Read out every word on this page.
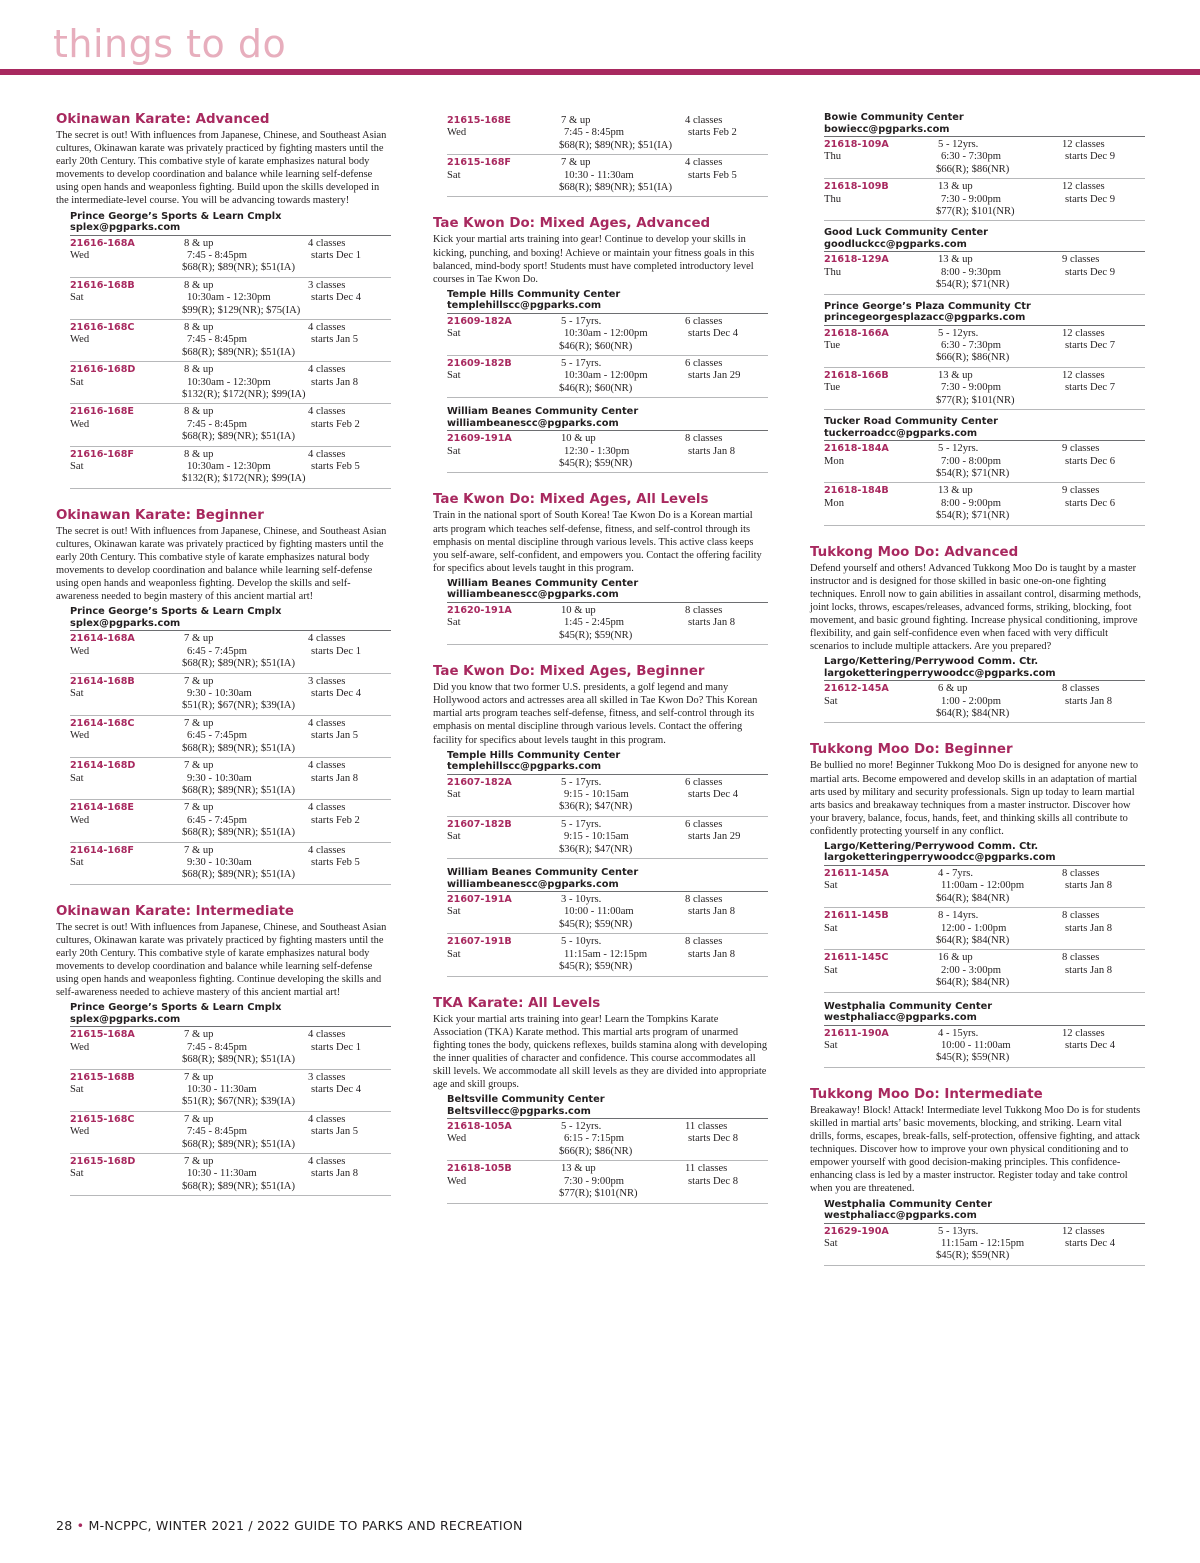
things to do
Okinawan Karate: Advanced

The secret is out! With influences from Japanese, Chinese, and Southeast Asian cultures, Okinawan karate was privately practiced by fighting masters until the early 20th Century. This combative style of karate emphasizes natural body movements to develop coordination and balance while learning self-defense using open hands and weaponless fighting. Build upon the skills developed in the intermediate-level course. You will be advancing towards mastery!

Prince George’s Sports & Learn Cmplx
splex@pgparks.com
21616-168A	8 & up	4 classes
Wed	7:45 - 8:45pm	starts Dec 1
$68(R); $89(NR); $51(IA)
21616-168B	8 & up	3 classes
Sat	10:30am - 12:30pm	starts Dec 4
$99(R); $129(NR); $75(IA)
21616-168C	8 & up	4 classes
Wed	7:45 - 8:45pm	starts Jan 5
$68(R); $89(NR); $51(IA)
21616-168D	8 & up	4 classes
Sat	10:30am - 12:30pm	starts Jan 8
$132(R); $172(NR); $99(IA)
21616-168E	8 & up	4 classes
Wed	7:45 - 8:45pm	starts Feb 2
$68(R); $89(NR); $51(IA)
21616-168F	8 & up	4 classes
Sat	10:30am - 12:30pm	starts Feb 5
$132(R); $172(NR); $99(IA)
Okinawan Karate: Beginner

The secret is out! With influences from Japanese, Chinese, and Southeast Asian cultures, Okinawan karate was privately practiced by fighting masters until the early 20th Century. This combative style of karate emphasizes natural body movements to develop coordination and balance while learning self-defense using open hands and weaponless fighting. Develop the skills and self-awareness needed to begin mastery of this ancient martial art!

Prince George’s Sports & Learn Cmplx
splex@pgparks.com
21614-168A	7 & up	4 classes
Wed	6:45 - 7:45pm	starts Dec 1
$68(R); $89(NR); $51(IA)
21614-168B	7 & up	3 classes
Sat	9:30 - 10:30am	starts Dec 4
$51(R); $67(NR); $39(IA)
21614-168C	7 & up	4 classes
Wed	6:45 - 7:45pm	starts Jan 5
$68(R); $89(NR); $51(IA)
21614-168D	7 & up	4 classes
Sat	9:30 - 10:30am	starts Jan 8
$68(R); $89(NR); $51(IA)
21614-168E	7 & up	4 classes
Wed	6:45 - 7:45pm	starts Feb 2
$68(R); $89(NR); $51(IA)
21614-168F	7 & up	4 classes
Sat	9:30 - 10:30am	starts Feb 5
$68(R); $89(NR); $51(IA)
Okinawan Karate: Intermediate

The secret is out! With influences from Japanese, Chinese, and Southeast Asian cultures, Okinawan karate was privately practiced by fighting masters until the early 20th Century. This combative style of karate emphasizes natural body movements to develop coordination and balance while learning self-defense using open hands and weaponless fighting. Continue developing the skills and self-awareness needed to achieve mastery of this ancient martial art!

Prince George’s Sports & Learn Cmplx
splex@pgparks.com
21615-168A	7 & up	4 classes
Wed	7:45 - 8:45pm	starts Dec 1
$68(R); $89(NR); $51(IA)
21615-168B	7 & up	3 classes
Sat	10:30 - 11:30am	starts Dec 4
$51(R); $67(NR); $39(IA)
21615-168C	7 & up	4 classes
Wed	7:45 - 8:45pm	starts Jan 5
$68(R); $89(NR); $51(IA)
21615-168D	7 & up	4 classes
Sat	10:30 - 11:30am	starts Jan 8
$68(R); $89(NR); $51(IA)
21615-168E	7 & up	4 classes
Wed	7:45 - 8:45pm	starts Feb 2
$68(R); $89(NR); $51(IA)
21615-168F	7 & up	4 classes
Sat	10:30 - 11:30am	starts Feb 5
$68(R); $89(NR); $51(IA)
Tae Kwon Do: Mixed Ages, Advanced

Kick your martial arts training into gear! Continue to develop your skills in kicking, punching, and boxing! Achieve or maintain your fitness goals in this balanced, mind-body sport! Students must have completed introductory level courses in Tae Kwon Do.

Temple Hills Community Center
templehillscc@pgparks.com
21609-182A	5 - 17yrs.	6 classes
Sat	10:30am - 12:00pm	starts Dec 4
$46(R); $60(NR)
21609-182B	5 - 17yrs.	6 classes
Sat	10:30am - 12:00pm	starts Jan 29
$46(R); $60(NR)
William Beanes Community Center
williambeanescc@pgparks.com
21609-191A	10 & up	8 classes
Sat	12:30 - 1:30pm	starts Jan 8
$45(R); $59(NR)
Tae Kwon Do: Mixed Ages, All Levels

Train in the national sport of South Korea! Tae Kwon Do is a Korean martial arts program which teaches self-defense, fitness, and self-control through its emphasis on mental discipline through various levels. This active class keeps you self-aware, self-confident, and empowers you. Contact the offering facility for specifics about levels taught in this program.

William Beanes Community Center
williambeanescc@pgparks.com
21620-191A	10 & up	8 classes
Sat	1:45 - 2:45pm	starts Jan 8
$45(R); $59(NR)
Tae Kwon Do: Mixed Ages, Beginner

Did you know that two former U.S. presidents, a golf legend and many Hollywood actors and actresses area all skilled in Tae Kwon Do? This Korean martial arts program teaches self-defense, fitness, and self-control through its emphasis on mental discipline through various levels. Contact the offering facility for specifics about levels taught in this program.

Temple Hills Community Center
templehillscc@pgparks.com
21607-182A	5 - 17yrs.	6 classes
Sat	9:15 - 10:15am	starts Dec 4
$36(R); $47(NR)
21607-182B	5 - 17yrs.	6 classes
Sat	9:15 - 10:15am	starts Jan 29
$36(R); $47(NR)
William Beanes Community Center
williambeanescc@pgparks.com
21607-191A	3 - 10yrs.	8 classes
Sat	10:00 - 11:00am	starts Jan 8
$45(R); $59(NR)
21607-191B	5 - 10yrs.	8 classes
Sat	11:15am - 12:15pm	starts Jan 8
$45(R); $59(NR)
TKA Karate: All Levels

Kick your martial arts training into gear! Learn the Tompkins Karate Association (TKA) Karate method. This martial arts program of unarmed fighting tones the body, quickens reflexes, builds stamina along with developing the inner qualities of character and confidence. This course accommodates all skill levels. We accommodate all skill levels as they are divided into appropriate age and skill groups.

Beltsville Community Center
Beltsvillecc@pgparks.com
21618-105A	5 - 12yrs.	11 classes
Wed	6:15 - 7:15pm	starts Dec 8
$66(R); $86(NR)
21618-105B	13 & up	11 classes
Wed	7:30 - 9:00pm	starts Dec 8
$77(R); $101(NR)
Bowie Community Center
bowiecc@pgparks.com
21618-109A	5 - 12yrs.	12 classes
Thu	6:30 - 7:30pm	starts Dec 9
$66(R); $86(NR)
21618-109B	13 & up	12 classes
Thu	7:30 - 9:00pm	starts Dec 9
$77(R); $101(NR)
Good Luck Community Center
goodluckcc@pgparks.com
21618-129A	13 & up	9 classes
Thu	8:00 - 9:30pm	starts Dec 9
$54(R); $71(NR)
Prince George’s Plaza Community Ctr
princegeorgesplazacc@pgparks.com
21618-166A	5 - 12yrs.	12 classes
Tue	6:30 - 7:30pm	starts Dec 7
$66(R); $86(NR)
21618-166B	13 & up	12 classes
Tue	7:30 - 9:00pm	starts Dec 7
$77(R); $101(NR)
Tucker Road Community Center
tuckerroadcc@pgparks.com
21618-184A	5 - 12yrs.	9 classes
Mon	7:00 - 8:00pm	starts Dec 6
$54(R); $71(NR)
21618-184B	13 & up	9 classes
Mon	8:00 - 9:00pm	starts Dec 6
$54(R); $71(NR)
Tukkong Moo Do: Advanced

Defend yourself and others! Advanced Tukkong Moo Do is taught by a master instructor and is designed for those skilled in basic one-on-one fighting techniques. Enroll now to gain abilities in assailant control, disarming methods, joint locks, throws, escapes/releases, advanced forms, striking, blocking, foot movement, and basic ground fighting. Increase physical conditioning, improve flexibility, and gain self-confidence even when faced with very difficult scenarios to include multiple attackers. Are you prepared?

Largo/Kettering/Perrywood Comm. Ctr.
largoketteringperrywoodcc@pgparks.com
21612-145A	6 & up	8 classes
Sat	1:00 - 2:00pm	starts Jan 8
$64(R); $84(NR)
Tukkong Moo Do: Beginner

Be bullied no more! Beginner Tukkong Moo Do is designed for anyone new to martial arts. Become empowered and develop skills in an adaptation of martial arts used by military and security professionals. Sign up today to learn martial arts basics and breakaway techniques from a master instructor. Discover how your bravery, balance, focus, hands, feet, and thinking skills all contribute to confidently protecting yourself in any conflict.

Largo/Kettering/Perrywood Comm. Ctr.
largoketteringperrywoodcc@pgparks.com
21611-145A	4 - 7yrs.	8 classes
Sat	11:00am - 12:00pm	starts Jan 8
$64(R); $84(NR)
21611-145B	8 - 14yrs.	8 classes
Sat	12:00 - 1:00pm	starts Jan 8
$64(R); $84(NR)
21611-145C	16 & up	8 classes
Sat	2:00 - 3:00pm	starts Jan 8
$64(R); $84(NR)
Westphalia Community Center
westphaliacc@pgparks.com
21611-190A	4 - 15yrs.	12 classes
Sat	10:00 - 11:00am	starts Dec 4
$45(R); $59(NR)
Tukkong Moo Do: Intermediate

Breakaway! Block! Attack! Intermediate level Tukkong Moo Do is for students skilled in martial arts’ basic movements, blocking, and striking. Learn vital drills, forms, escapes, break-falls, self-protection, offensive fighting, and attack techniques. Discover how to improve your own physical conditioning and to empower yourself with good decision-making principles. This confidence-enhancing class is led by a master instructor. Register today and take control when you are threatened.

Westphalia Community Center
westphaliacc@pgparks.com
21629-190A	5 - 13yrs.	12 classes
Sat	11:15am - 12:15pm	starts Dec 4
$45(R); $59(NR)

28 • M-NCPPC, WINTER 2021 / 2022 GUIDE TO PARKS AND RECREATION
